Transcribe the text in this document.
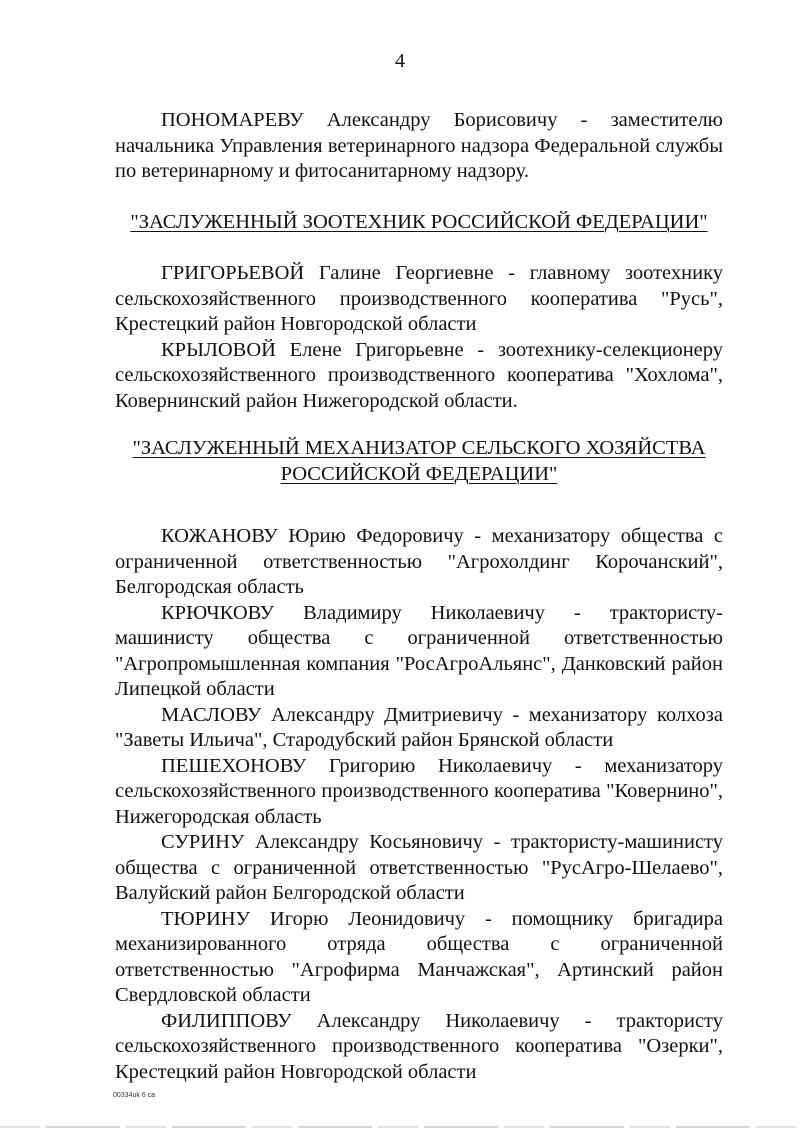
4

ПОНОМАРЕВУ Александру Борисовичу - заместителю начальника Управления ветеринарного надзора Федеральной службы по ветеринарному и фитосанитарному надзору.

"ЗАСЛУЖЕННЫЙ ЗООТЕХНИК РОССИЙСКОЙ ФЕДЕРАЦИИ"

ГРИГОРЬЕВОЙ Галине Георгиевне - главному зоотехнику сельскохозяйственного производственного кооператива "Русь", Крестецкий район Новгородской области

КРЫЛОВОЙ Елене Григорьевне - зоотехнику-селекционеру сельскохозяйственного производственного кооператива "Хохлома", Ковернинский район Нижегородской области.

"ЗАСЛУЖЕННЫЙ МЕХАНИЗАТОР СЕЛЬСКОГО ХОЗЯЙСТВА
РОССИЙСКОЙ ФЕДЕРАЦИИ"

КОЖАНОВУ Юрию Федоровичу - механизатору общества с ограниченной ответственностью "Агрохолдинг Корочанский", Белгородская область

КРЮЧКОВУ Владимиру Николаевичу - трактористу-машинисту общества с ограниченной ответственностью "Агропромышленная компания "РосАгроАльянс", Данковский район Липецкой области

МАСЛОВУ Александру Дмитриевичу - механизатору колхоза "Заветы Ильича", Стародубский район Брянской области

ПЕШЕХОНОВУ Григорию Николаевичу - механизатору сельскохозяйственного производственного кооператива "Ковернино", Нижегородская область

СУРИНУ Александру Косьяновичу - трактористу-машинисту общества с ограниченной ответственностью "РусАгро-Шелаево", Валуйский район Белгородской области

ТЮРИНУ Игорю Леонидовичу - помощнику бригадира механизированного отряда общества с ограниченной ответственностью "Агрофирма Манчажская", Артинский район Свердловской области

ФИЛИППОВУ Александру Николаевичу - трактористу сельскохозяйственного производственного кооператива "Озерки", Крестецкий район Новгородской области

00334uk 6 ca
